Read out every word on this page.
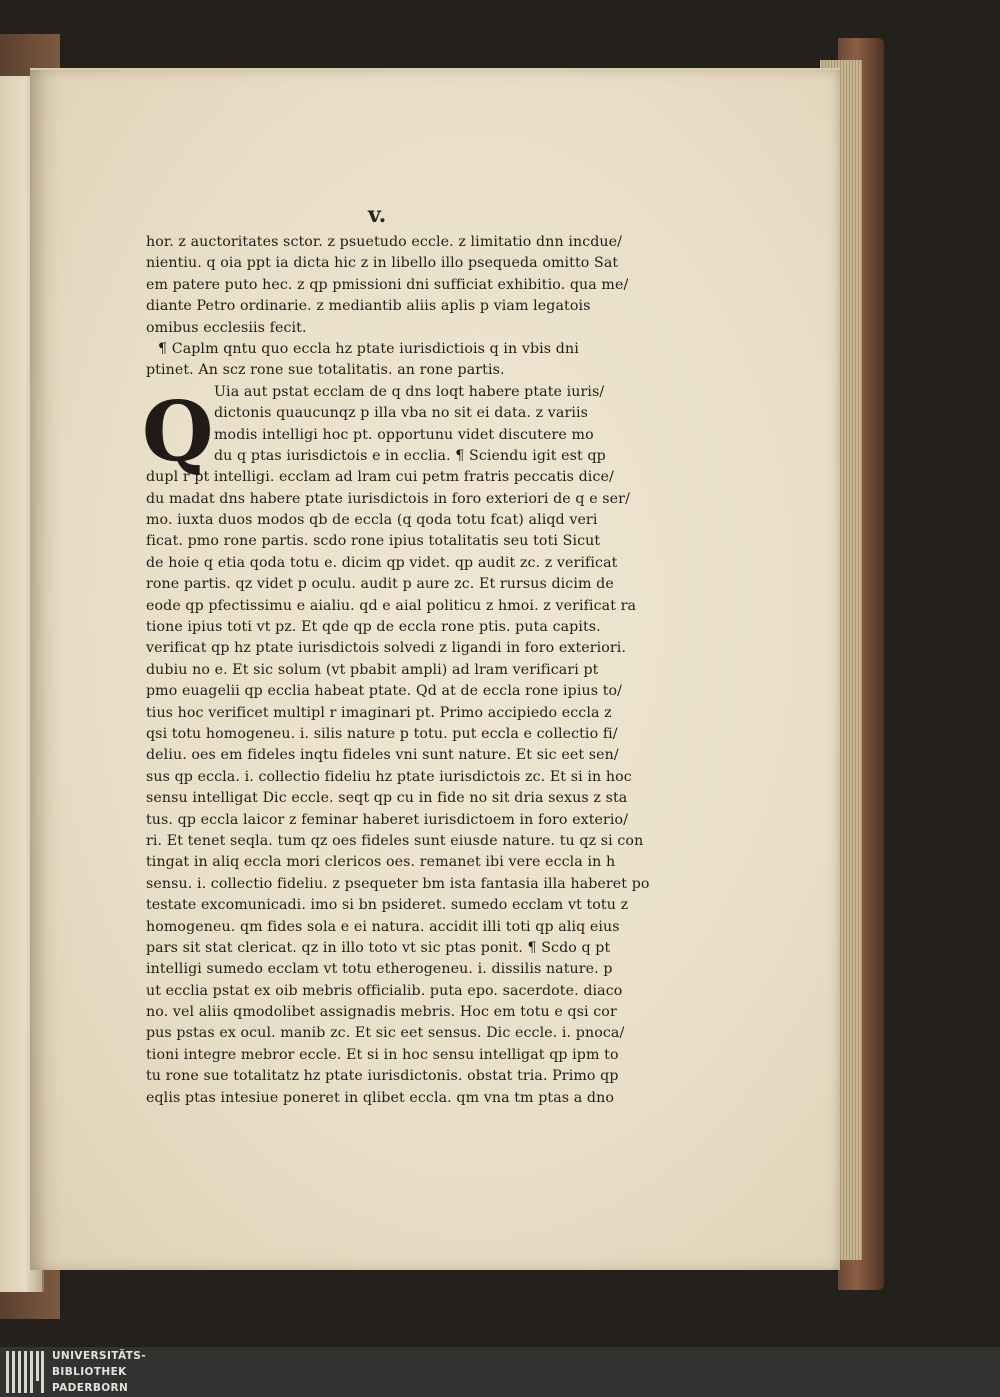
v.
Q
hor. z auctoritates sctor. z psuetudo eccle. z limitatio dnn incdue/
nientiu. q oia ppt ia dicta hic z in libello illo psequeda omitto Sat
em patere puto hec. z qp pmissioni dni sufficiat exhibitio. qua me/
diante Petro ordinarie. z mediantib aliis aplis p viam legatois
omibus ecclesiis fecit.
¶ Caplm qntu quo eccla hz ptate iurisdictiois q in vbis dni
ptinet. An scz rone sue totalitatis. an rone partis.
Uia aut pstat ecclam de q dns loqt habere ptate iuris/
dictonis quaucunqz p illa vba no sit ei data. z variis
modis intelligi hoc pt. opportunu videt discutere mo
du q ptas iurisdictois e in ecclia. ¶ Sciendu igit est qp
dupl r pt intelligi. ecclam ad lram cui petm fratris peccatis dice/
du madat dns habere ptate iurisdictois in foro exteriori de q e ser/
mo. iuxta duos modos qb de eccla (q qoda totu fcat) aliqd veri
ficat. pmo rone partis. scdo rone ipius totalitatis seu toti Sicut
de hoie q etia qoda totu e. dicim qp videt. qp audit zc. z verificat
rone partis. qz videt p oculu. audit p aure zc. Et rursus dicim de
eode qp pfectissimu e aialiu. qd e aial politicu z hmoi. z verificat ra
tione ipius toti vt pz. Et qde qp de eccla rone ptis. puta capits.
verificat qp hz ptate iurisdictois solvedi z ligandi in foro exteriori.
dubiu no e. Et sic solum (vt pbabit ampli) ad lram verificari pt
pmo euagelii qp ecclia habeat ptate. Qd at de eccla rone ipius to/
tius hoc verificet multipl r imaginari pt. Primo accipiedo eccla z
qsi totu homogeneu. i. silis nature p totu. put eccla e collectio fi/
deliu. oes em fideles inqtu fideles vni sunt nature. Et sic eet sen/
sus qp eccla. i. collectio fideliu hz ptate iurisdictois zc. Et si in hoc
sensu intelligat Dic eccle. seqt qp cu in fide no sit dria sexus z sta
tus. qp eccla laicor z feminar haberet iurisdictoem in foro exterio/
ri. Et tenet seqla. tum qz oes fideles sunt eiusde nature. tu qz si con
tingat in aliq eccla mori clericos oes. remanet ibi vere eccla in h
sensu. i. collectio fideliu. z psequeter bm ista fantasia illa haberet po
testate excomunicadi. imo si bn psideret. sumedo ecclam vt totu z
homogeneu. qm fides sola e ei natura. accidit illi toti qp aliq eius
pars sit stat clericat. qz in illo toto vt sic ptas ponit. ¶ Scdo q pt
intelligi sumedo ecclam vt totu etherogeneu. i. dissilis nature. p
ut ecclia pstat ex oib mebris officialib. puta epo. sacerdote. diaco
no. vel aliis qmodolibet assignadis mebris. Hoc em totu e qsi cor
pus pstas ex ocul. manib zc. Et sic eet sensus. Dic eccle. i. pnoca/
tioni integre mebror eccle. Et si in hoc sensu intelligat qp ipm to
tu rone sue totalitatz hz ptate iurisdictonis. obstat tria. Primo qp
eqlis ptas intesiue poneret in qlibet eccla. qm vna tm ptas a dno
UNIVERSITÄTS-
BIBLIOTHEK
PADERBORN
